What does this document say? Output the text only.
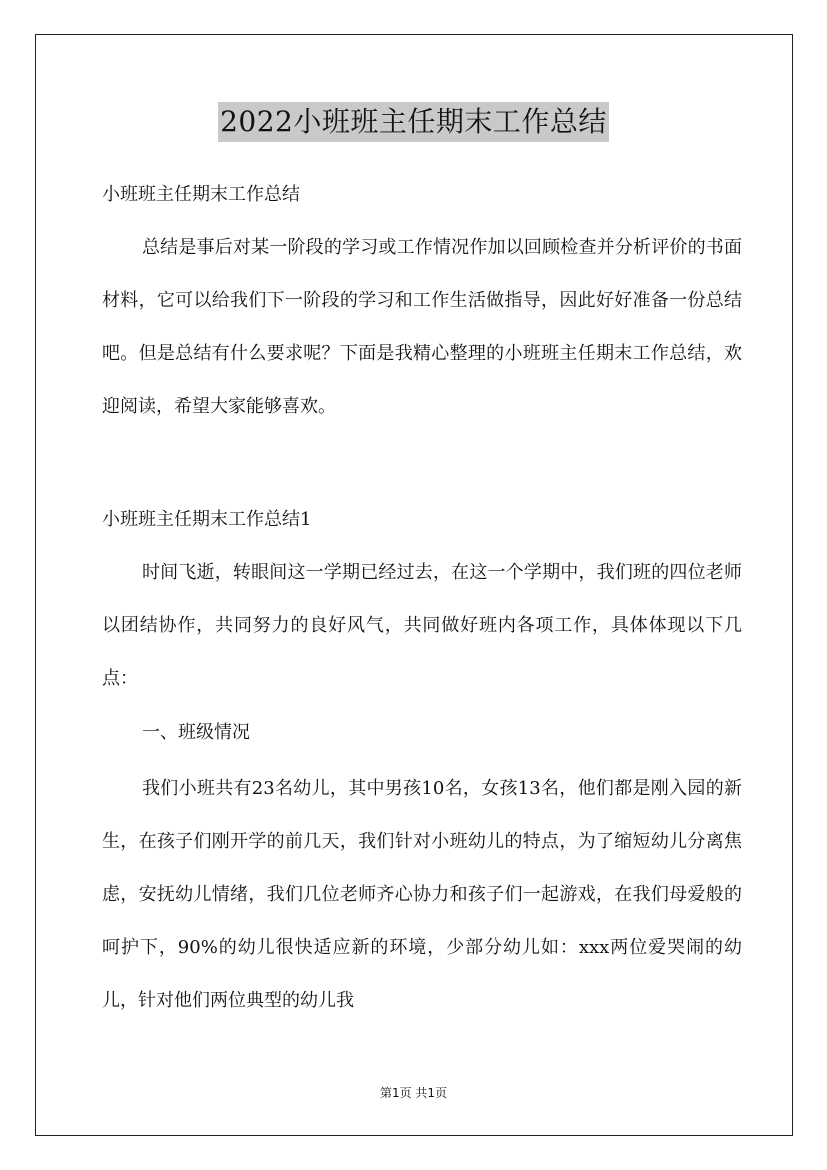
2022小班班主任期末工作总结

小班班主任期末工作总结

总结是事后对某一阶段的学习或工作情况作加以回顾检查并分析评价的书面材料，它可以给我们下一阶段的学习和工作生活做指导，因此好好准备一份总结吧。但是总结有什么要求呢？下面是我精心整理的小班班主任期末工作总结，欢迎阅读，希望大家能够喜欢。

小班班主任期末工作总结1

时间飞逝，转眼间这一学期已经过去，在这一个学期中，我们班的四位老师以团结协作，共同努力的良好风气，共同做好班内各项工作，具体体现以下几点：

一、班级情况

我们小班共有23名幼儿，其中男孩10名，女孩13名，他们都是刚入园的新生，在孩子们刚开学的前几天，我们针对小班幼儿的特点，为了缩短幼儿分离焦虑，安抚幼儿情绪，我们几位老师齐心协力和孩子们一起游戏，在我们母爱般的呵护下，90%的幼儿很快适应新的环境，少部分幼儿如：xxx两位爱哭闹的幼儿，针对他们两位典型的幼儿我

第1页 共1页
